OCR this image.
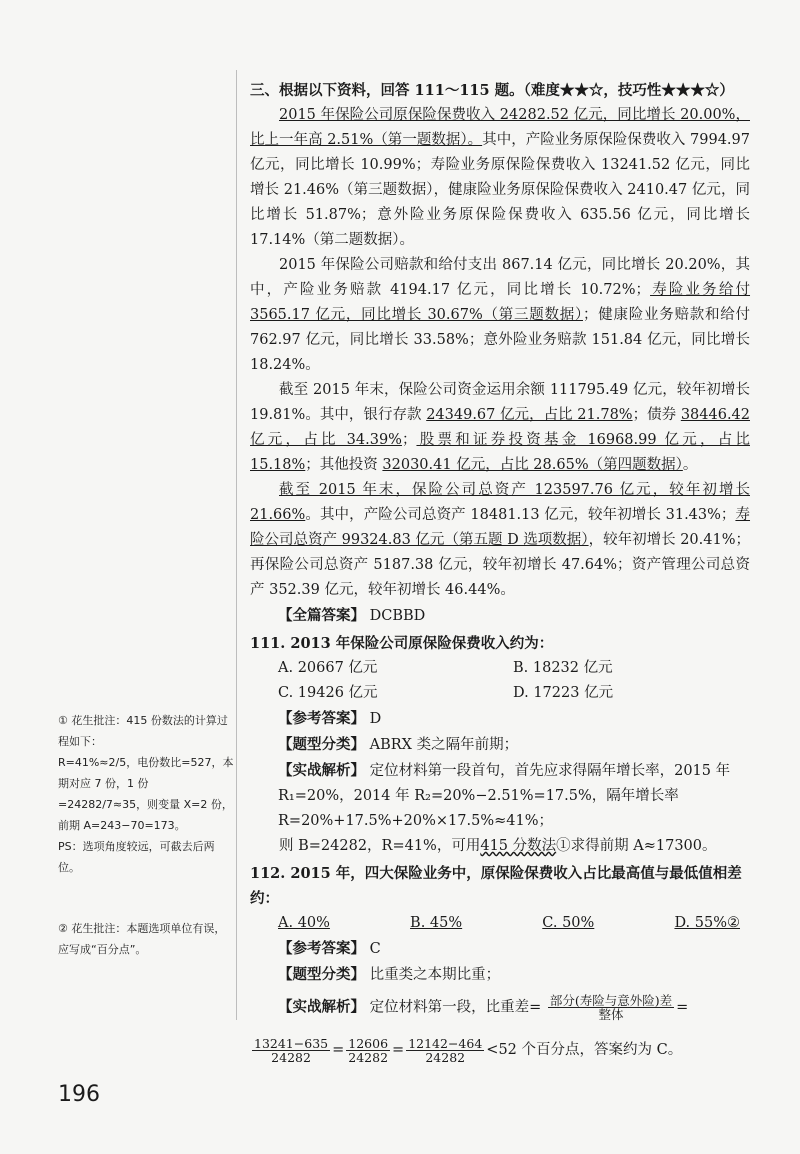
三、根据以下资料，回答 111～115 题。（难度★★☆，技巧性★★★☆）

2015 年保险公司原保险保费收入 24282.52 亿元，同比增长 20.00%，比上一年高 2.51%（第一题数据）。其中，产险业务原保险保费收入 7994.97 亿元，同比增长 10.99%；寿险业务原保险保费收入 13241.52 亿元，同比增长 21.46%（第三题数据），健康险业务原保险保费收入 2410.47 亿元，同比增长 51.87%；意外险业务原保险保费收入 635.56 亿元，同比增长 17.14%（第二题数据）。

2015 年保险公司赔款和给付支出 867.14 亿元，同比增长 20.20%，其中，产险业务赔款 4194.17 亿元，同比增长 10.72%；寿险业务给付 3565.17 亿元，同比增长 30.67%（第三题数据）；健康险业务赔款和给付 762.97 亿元，同比增长 33.58%；意外险业务赔款 151.84 亿元，同比增长 18.24%。

截至 2015 年末，保险公司资金运用余额 111795.49 亿元，较年初增长 19.81%。其中，银行存款 24349.67 亿元，占比 21.78%；债券 38446.42 亿元，占比 34.39%；股票和证券投资基金 16968.99 亿元，占比 15.18%；其他投资 32030.41 亿元，占比 28.65%（第四题数据）。

截至 2015 年末，保险公司总资产 123597.76 亿元，较年初增长 21.66%。其中，产险公司总资产 18481.13 亿元，较年初增长 31.43%；寿险公司总资产 99324.83 亿元（第五题 D 选项数据），较年初增长 20.41%；再保险公司总资产 5187.38 亿元，较年初增长 47.64%；资产管理公司总资产 352.39 亿元，较年初增长 46.44%。

【全篇答案】 DCBBD

111. 2013 年保险公司原保险保费收入约为：

A. 20667 亿元	B. 18232 亿元
C. 19426 亿元	D. 17223 亿元

【参考答案】 D

【题型分类】 ABRX 类之隔年前期；

【实战解析】 定位材料第一段首句，首先应求得隔年增长率，2015 年 R₁=20%，2014 年 R₂=20%−2.51%=17.5%，隔年增长率 R=20%+17.5%+20%×17.5%≈41%；

则 B=24282，R=41%，可用415 分数法①求得前期 A≈17300。

112. 2015 年，四大保险业务中，原保险保费收入占比最高值与最低值相差约：

A. 40%	B. 45%	C. 50%	D. 55%②

【参考答案】 C

【题型分类】 比重类之本期比重；

【实战解析】 定位材料第一段，比重差= $\frac{\text{部分(寿险与意外险)差}}{\text{整体}}$ =

$\frac{13241-635}{24282} = \frac{12606}{24282} = \frac{12142-464}{24282} <52$ 个百分点，答案约为 C。

① 花生批注：415 份数法的计算过程如下：

R=41%≈2/5，电份数比=527，本期对应 7 份，1 份=24282/7≈35，则变量 X=2 份，前期 A=243−70=173。

PS：选项角度较远，可截去后两位。

② 花生批注：本题选项单位有误，应写成“百分点”。

196
